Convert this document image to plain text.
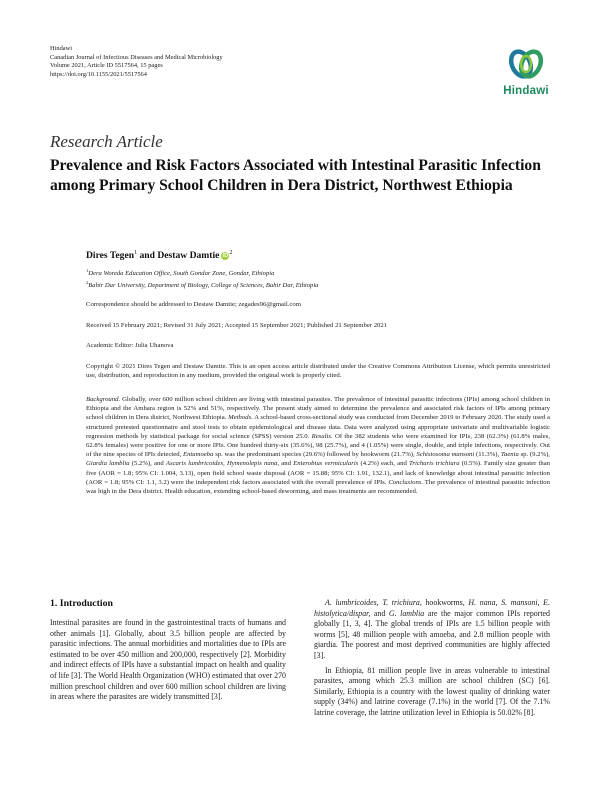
Hindawi
Canadian Journal of Infectious Diseases and Medical Microbiology
Volume 2021, Article ID 5517564, 15 pages
https://doi.org/10.1155/2021/5517564
Hindawi
Research Article
Prevalence and Risk Factors Associated with Intestinal Parasitic Infection among Primary School Children in Dera District, Northwest Ethiopia
Dires Tegen$^1$ and Destaw Damtie $iD^2$
$^1$Dera Woreda Education Office, South Gondar Zone, Gondar, Ethiopia
$^2$Bahir Dar University, Department of Biology, College of Sciences, Bahir Dar, Ethiopia
Correspondence should be addressed to Destaw Damtie; zegades96@gmail.com
Received 15 February 2021; Revised 31 July 2021; Accepted 15 September 2021; Published 21 September 2021
Academic Editor: Julia Uhanova
Copyright © 2021 Dires Tegen and Destaw Damtie. This is an open access article distributed under the Creative Commons Attribution License, which permits unrestricted use, distribution, and reproduction in any medium, provided the original work is properly cited.
Background. Globally, over 600 million school children are living with intestinal parasites. The prevalence of intestinal parasitic infections (IPIs) among school children in Ethiopia and the Amhara region is 52% and 51%, respectively. The present study aimed to determine the prevalence and associated risk factors of IPIs among primary school children in Dera district, Northwest Ethiopia. Methods. A school-based cross-sectional study was conducted from December 2019 to February 2020. The study used a structured pretested questionnaire and stool tests to obtain epidemiological and disease data. Data were analyzed using appropriate univariate and multivariable logistic regression methods by statistical package for social science (SPSS) version 25.0. Results. Of the 382 students who were examined for IPIs, 238 (62.3%) (61.8% males, 62.8% females) were positive for one or more IPIs. One hundred thirty-six (35.6%), 98 (25.7%), and 4 (1.05%) were single, double, and triple infections, respectively. Out of the nine species of IPIs detected, Entamoeba sp. was the predominant species (29.6%) followed by hookworm (21.7%), Schistosoma mansoni (11.3%), Taenia sp. (9.2%), Giardia lamblia (5.2%), and Ascaris lumbricoides, Hymenolepis nana, and Enterobius vermicularis (4.2%) each, and Trichuris trichiura (0.5%). Family size greater than five (AOR = 1.8; 95% CI: 1.004, 3.13), open field school waste disposal (AOR = 15.88; 95% CI: 1.91, 132.1), and lack of knowledge about intestinal parasitic infection (AOR = 1.8; 95% CI: 1.1, 3.2) were the independent risk factors associated with the overall prevalence of IPIs. Conclusions. The prevalence of intestinal parasitic infection was high in the Dera district. Health education, extending school-based deworming, and mass treatments are recommended.
1. Introduction

Intestinal parasites are found in the gastrointestinal tracts of humans and other animals [1]. Globally, about 3.5 billion people are affected by parasitic infections. The annual morbidities and mortalities due to IPIs are estimated to be over 450 million and 200,000, respectively [2]. Morbidity and indirect effects of IPIs have a substantial impact on health and quality of life [3]. The World Health Organization (WHO) estimated that over 270 million preschool children and over 600 million school children are living in areas where the parasites are widely transmitted [3].

A. lumbricoides, T. trichiura, hookworms, H. nana, S. mansoni, E. histolytica/dispar, and G. lamblia are the major common IPIs reported globally [1, 3, 4]. The global trends of IPIs are 1.5 billion people with worms [5], 48 million people with amoeba, and 2.8 million people with giardia. The poorest and most deprived communities are highly affected [3].

In Ethiopia, 81 million people live in areas vulnerable to intestinal parasites, among which 25.3 million are school children (SC) [6]. Similarly, Ethiopia is a country with the lowest quality of drinking water supply (34%) and latrine coverage (7.1%) in the world [7]. Of the 7.1% latrine coverage, the latrine utilization level in Ethiopia is 50.02% [8].
